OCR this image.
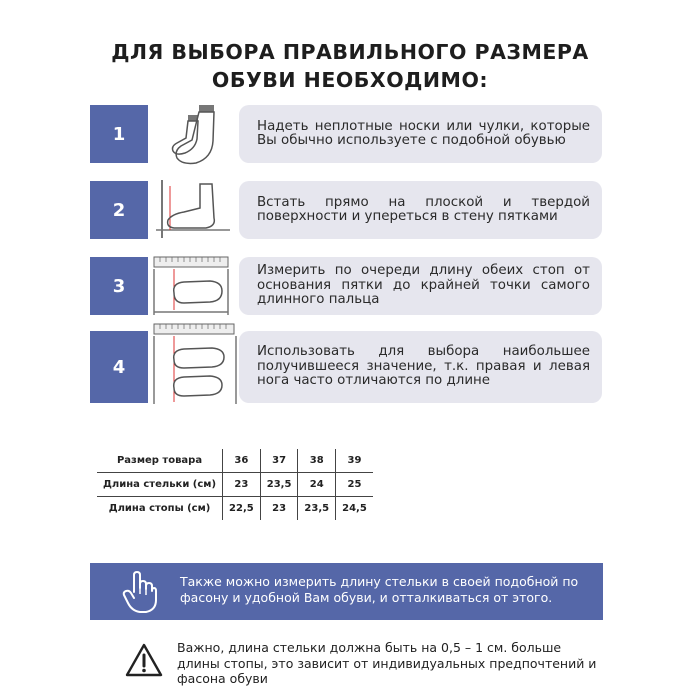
ДЛЯ ВЫБОРА ПРАВИЛЬНОГО РАЗМЕРА
ОБУВИ НЕОБХОДИМО:
1	Надеть неплотные носки или чулки, которые Вы обычно используете с подобной обувью
2	Встать прямо на плоской и твердой поверхности и упереться в стену пятками
3
Измерить по очереди длину обеих стоп от основания пятки до крайней точки самого длинного пальца
4
Использовать для выбора наибольшее получившееся значение, т.к. правая и левая нога часто отличаются по длине
Размер товара	36	37	38	39
Длина стельки (см)	23	23,5	24	25
Длина стопы (см)	22,5	23	23,5	24,5
Также можно измерить длину стельки в своей подобной по фасону и удобной Вам обуви, и отталкиваться от этого.
Важно, длина стельки должна быть на 0,5 – 1 см. больше длины стопы, это зависит от индивидуальных предпочтений и фасона обуви
